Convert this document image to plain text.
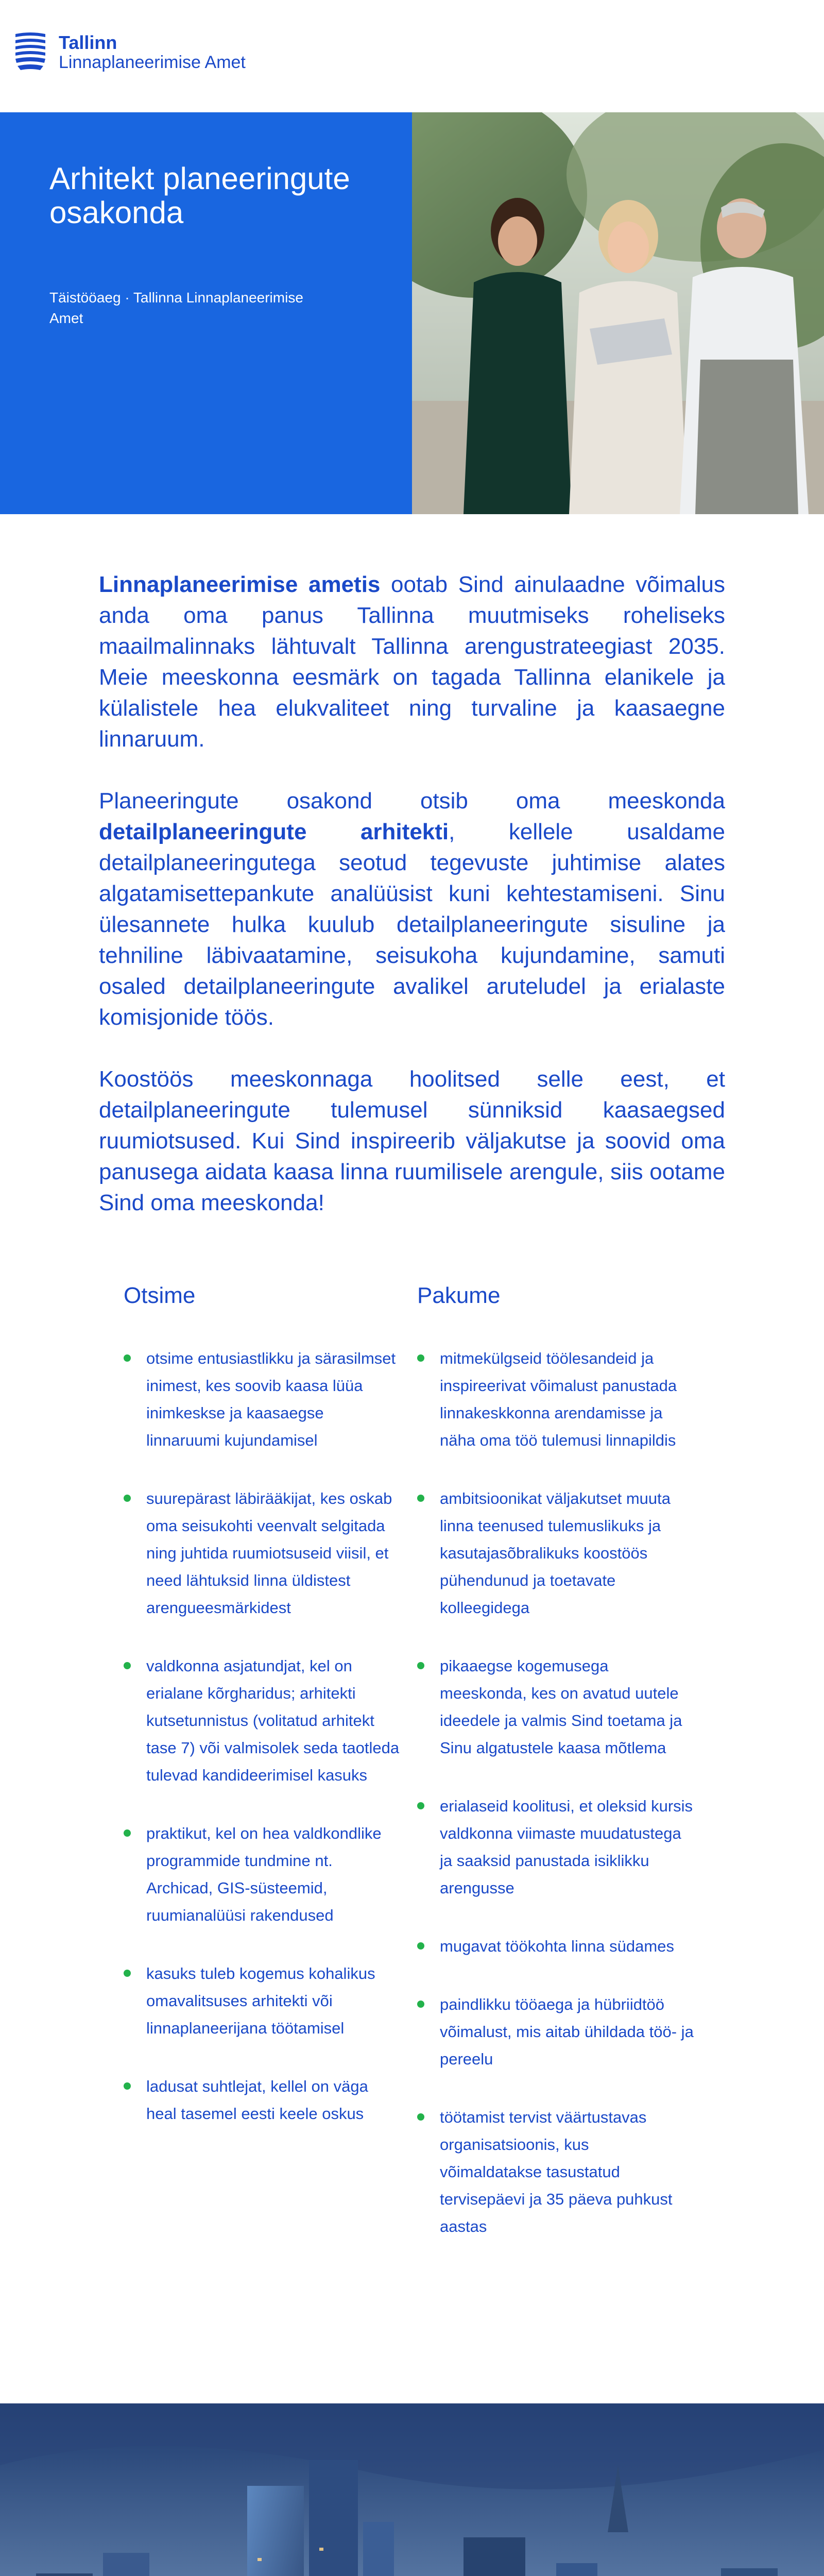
Tallinn
Linnaplaneerimise Amet
Arhitekt planeeringute osakonda
Täistööaeg · Tallinna Linnaplaneerimise Amet

Linnaplaneerimise ametis ootab Sind ainulaadne võimalus anda oma panus Tallinna muutmiseks roheliseks maailmalinnaks lähtuvalt Tallinna arengustrateegiast 2035. Meie meeskonna eesmärk on tagada Tallinna elanikele ja külalistele hea elukvaliteet ning turvaline ja kaasaegne linnaruum.

Planeeringute osakond otsib oma meeskonda detailplaneeringute arhitekti, kellele usaldame detailplaneeringutega seotud tegevuste juhtimise alates algatamisettepankute analüüsist kuni kehtestamiseni. Sinu ülesannete hulka kuulub detailplaneeringute sisuline ja tehniline läbivaatamine, seisukoha kujundamine, samuti osaled detailplaneeringute avalikel aruteludel ja erialaste komisjonide töös.

Koostöös meeskonnaga hoolitsed selle eest, et detailplaneeringute tulemusel sünniksid kaasaegsed ruumiotsused. Kui Sind inspireerib väljakutse ja soovid oma panusega aidata kaasa linna ruumilisele arengule, siis ootame Sind oma meeskonda!

Otsime
otsime entusiastlikku ja särasilmset inimest, kes soovib kaasa lüüa inimkeskse ja kaasaegse linnaruumi kujundamisel
suurepärast läbirääkijat, kes oskab oma seisukohti veenvalt selgitada ning juhtida ruumiotsuseid viisil, et need lähtuksid linna üldistest arenguееsmärkidest
valdkonna asjatundjat, kel on erialane kõrgharidus; arhitekti kutsetunnistus (volitatud arhitekt tase 7) või valmisolek seda taotleda tulevad kandideerimisel kasuks
praktikut, kel on hea valdkondlike programmide tundmine nt. Archicad, GIS-süsteemid, ruumianalüüsi rakendused
kasuks tuleb kogemus kohalikus omavalitsuses arhitekti või linnaplaneerijana töötamisel
ladusat suhtlejat, kellel on väga heal tasemel eesti keele oskus
Pakume
mitmekülgseid töölesandeid ja inspireerivat võimalust panustada linnakeskkonna arendamisse ja näha oma töö tulemusi linnapildis
ambitsioonikat väljakutset muuta linna teenused tulemuslikuks ja kasutajasõbralikuks koostöös pühendunud ja toetavate kolleegidega
pikaaegse kogemusega meeskonda, kes on avatud uutele ideedele ja valmis Sind toetama ja Sinu algatustele kaasa mõtlema
erialaseid koolitusi, et oleksid kursis valdkonna viimaste muudatustega ja saaksid panustada isiklikku arengusse
mugavat töökohta linna südames
paindlikku tööaega ja hübriidtöö võimalust, mis aitab ühildada töö- ja pereelu
töötamist tervist väärtustavas organisatsioonis, kus võimaldatakse tasustatud tervisepäevi ja 35 päeva puhkust aastas
